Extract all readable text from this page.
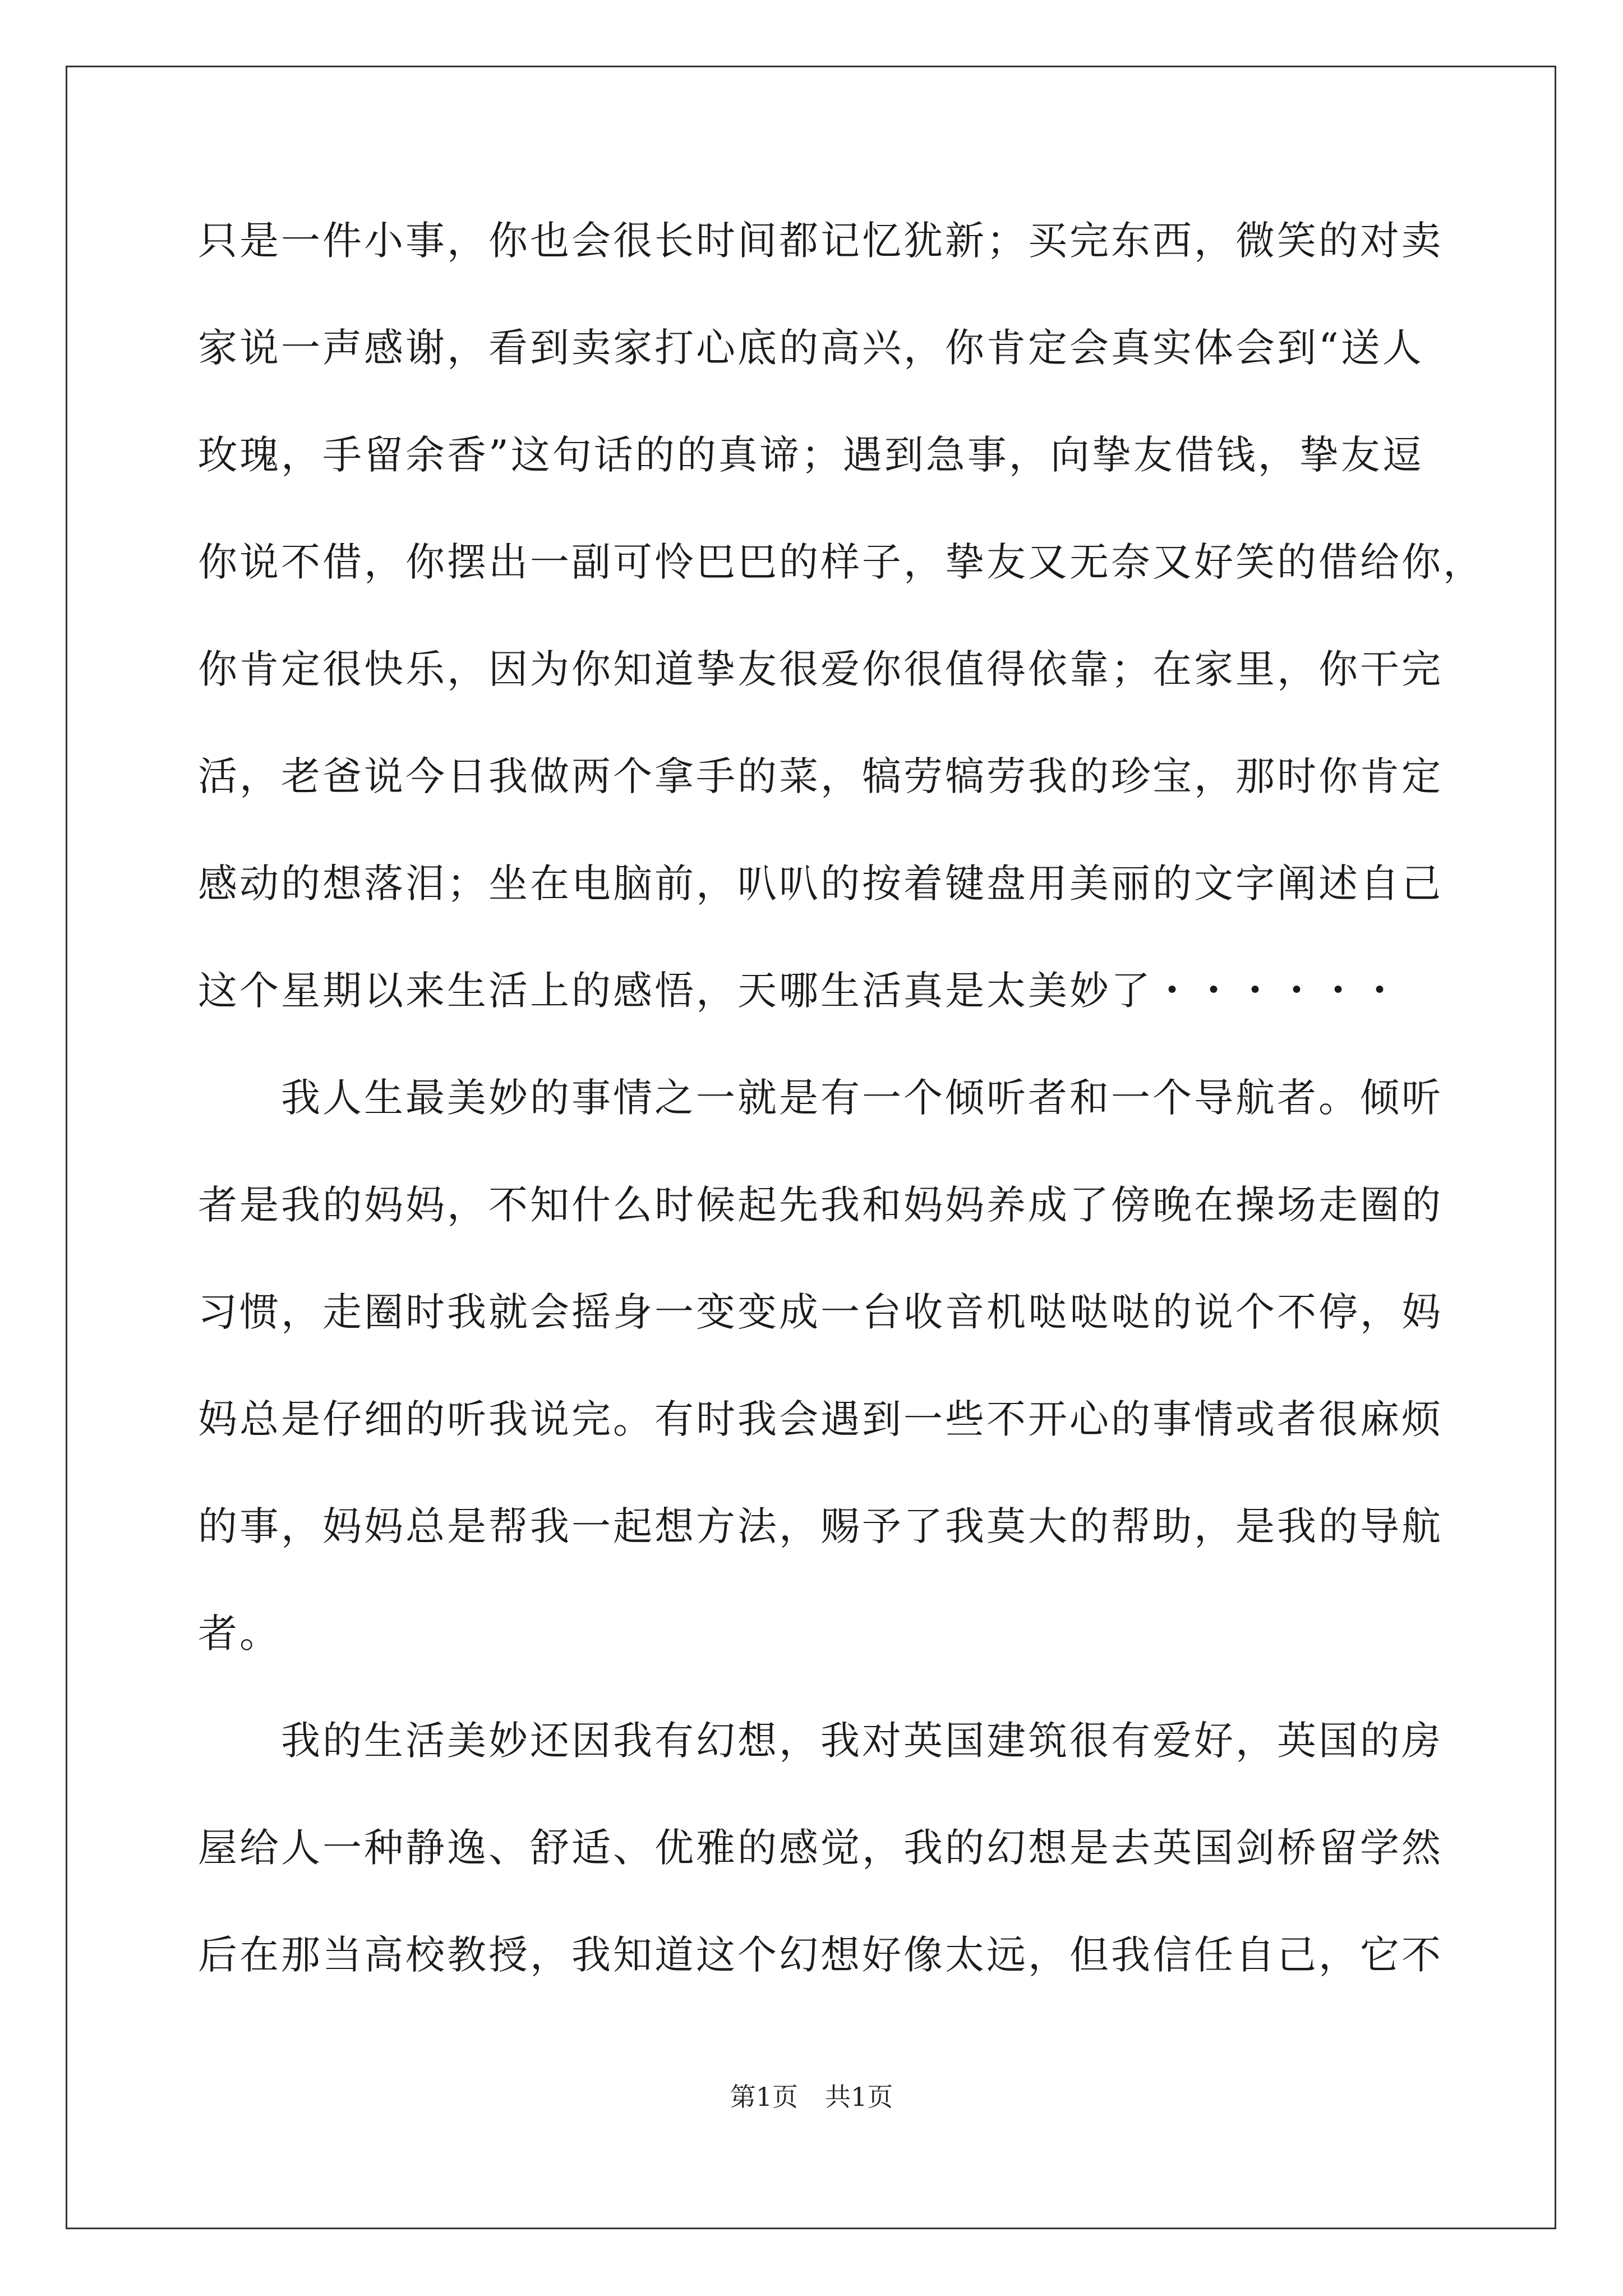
只是一件小事，你也会很长时间都记忆犹新；买完东西，微笑的对卖
家说一声感谢，看到卖家打心底的高兴，你肯定会真实体会到“送人
玫瑰，手留余香”这句话的的真谛；遇到急事，向挚友借钱，挚友逗
你说不借，你摆出一副可怜巴巴的样子，挚友又无奈又好笑的借给你，
你肯定很快乐，因为你知道挚友很爱你很值得依靠；在家里，你干完
活，老爸说今日我做两个拿手的菜，犒劳犒劳我的珍宝，那时你肯定
感动的想落泪；坐在电脑前，叭叭的按着键盘用美丽的文字阐述自己
这个星期以来生活上的感悟，天哪生活真是太美妙了・・・・・・
我人生最美妙的事情之一就是有一个倾听者和一个导航者。倾听
者是我的妈妈，不知什么时候起先我和妈妈养成了傍晚在操场走圈的
习惯，走圈时我就会摇身一变变成一台收音机哒哒哒的说个不停，妈
妈总是仔细的听我说完。有时我会遇到一些不开心的事情或者很麻烦
的事，妈妈总是帮我一起想方法，赐予了我莫大的帮助，是我的导航
者。
我的生活美妙还因我有幻想，我对英国建筑很有爱好，英国的房
屋给人一种静逸、舒适、优雅的感觉，我的幻想是去英国剑桥留学然
后在那当高校教授，我知道这个幻想好像太远，但我信任自己，它不
第1页 共1页
